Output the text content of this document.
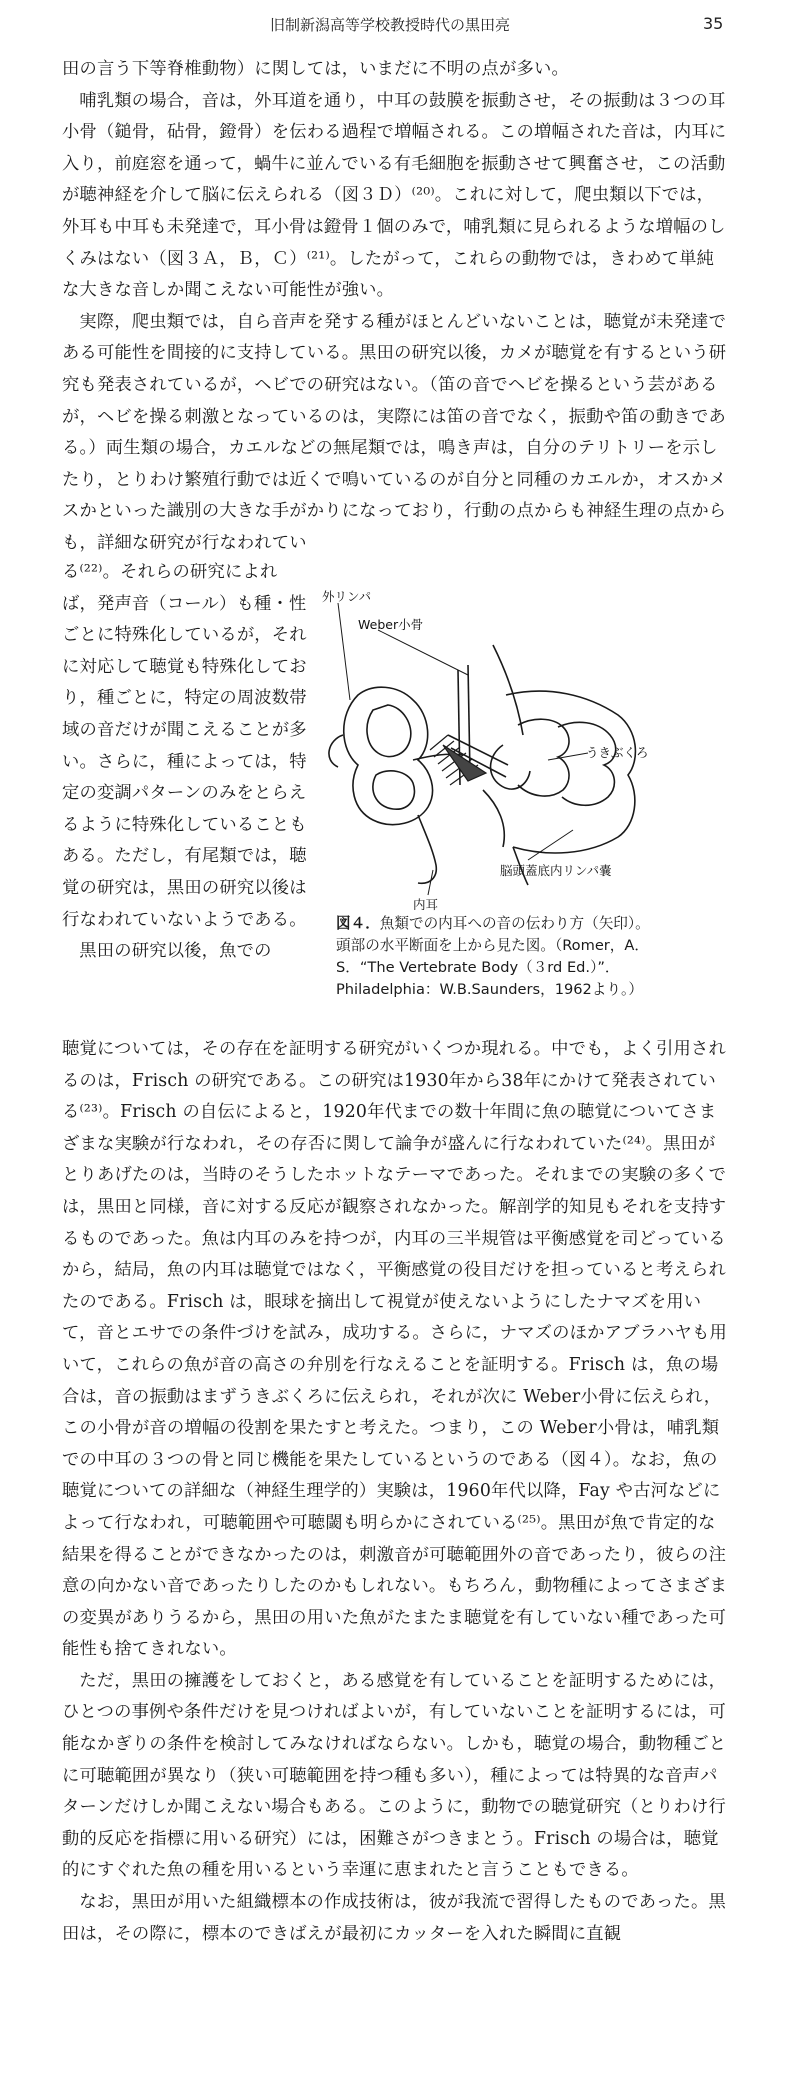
旧制新潟高等学校教授時代の黒田亮	35

田の言う下等脊椎動物）に関しては，いまだに不明の点が多い。

哺乳類の場合，音は，外耳道を通り，中耳の鼓膜を振動させ，その振動は３つの耳小骨（鎚骨，砧骨，鐙骨）を伝わる過程で増幅される。この増幅された音は，内耳に入り，前庭窓を通って，蝸牛に並んでいる有毛細胞を振動させて興奮させ，この活動が聴神経を介して脳に伝えられる（図３Ｄ）⁽²⁰⁾。これに対して，爬虫類以下では，外耳も中耳も未発達で，耳小骨は鐙骨１個のみで，哺乳類に見られるような増幅のしくみはない（図３Ａ，Ｂ，Ｃ）⁽²¹⁾。したがって，これらの動物では，きわめて単純な大きな音しか聞こえない可能性が強い。

実際，爬虫類では，自ら音声を発する種がほとんどいないことは，聴覚が未発達である可能性を間接的に支持している。黒田の研究以後，カメが聴覚を有するという研究も発表されているが，ヘビでの研究はない。（笛の音でヘビを操るという芸があるが，ヘビを操る刺激となっているのは，実際には笛の音でなく，振動や笛の動きである。）両生類の場合，カエルなどの無尾類では，鳴き声は，自分のテリトリーを示したり，とりわけ繁殖行動では近くで鳴いているのが自分と同種のカエルか，オスかメスかといった識別の大きな手がかりになっており，行動の点からも神経生理の点からも，詳細な研究が行なわれてい

る⁽²²⁾。それらの研究によれば，発声音（コール）も種・性ごとに特殊化しているが，それに対応して聴覚も特殊化しており，種ごとに，特定の周波数帯域の音だけが聞こえることが多い。さらに，種によっては，特定の変調パターンのみをとらえるように特殊化していることもある。ただし，有尾類では，聴覚の研究は，黒田の研究以後は行なわれていないようである。

黒田の研究以後，魚での

外リンパ
Weber小骨
うきぶくろ
脳頭蓋底内リンパ嚢
内耳
図４．魚類での内耳への音の伝わり方（矢印）。
頭部の水平断面を上から見た図。（Romer，A．
S．“The Vertebrate Body（３rd Ed.）”．
Philadelphia：W.B.Saunders，1962より。）

聴覚については，その存在を証明する研究がいくつか現れる。中でも，よく引用されるのは，Frisch の研究である。この研究は1930年から38年にかけて発表されている⁽²³⁾。Frisch の自伝によると，1920年代までの数十年間に魚の聴覚についてさまざまな実験が行なわれ，その存否に関して論争が盛んに行なわれていた⁽²⁴⁾。黒田がとりあげたのは，当時のそうしたホットなテーマであった。それまでの実験の多くでは，黒田と同様，音に対する反応が観察されなかった。解剖学的知見もそれを支持するものであった。魚は内耳のみを持つが，内耳の三半規管は平衡感覚を司どっているから，結局，魚の内耳は聴覚ではなく，平衡感覚の役目だけを担っていると考えられたのである。Frisch は，眼球を摘出して視覚が使えないようにしたナマズを用いて，音とエサでの条件づけを試み，成功する。さらに，ナマズのほかアブラハヤも用いて，これらの魚が音の高さの弁別を行なえることを証明する。Frisch は，魚の場合は，音の振動はまずうきぶくろに伝えられ，それが次に Weber小骨に伝えられ，この小骨が音の増幅の役割を果たすと考えた。つまり，この Weber小骨は，哺乳類での中耳の３つの骨と同じ機能を果たしているというのである（図４）。なお，魚の聴覚についての詳細な（神経生理学的）実験は，1960年代以降，Fay や古河などによって行なわれ，可聴範囲や可聴閾も明らかにされている⁽²⁵⁾。黒田が魚で肯定的な結果を得ることができなかったのは，刺激音が可聴範囲外の音であったり，彼らの注意の向かない音であったりしたのかもしれない。もちろん，動物種によってさまざまの変異がありうるから，黒田の用いた魚がたまたま聴覚を有していない種であった可能性も捨てきれない。

ただ，黒田の擁護をしておくと，ある感覚を有していることを証明するためには，ひとつの事例や条件だけを見つければよいが，有していないことを証明するには，可能なかぎりの条件を検討してみなければならない。しかも，聴覚の場合，動物種ごとに可聴範囲が異なり（狭い可聴範囲を持つ種も多い），種によっては特異的な音声パターンだけしか聞こえない場合もある。このように，動物での聴覚研究（とりわけ行動的反応を指標に用いる研究）には，困難さがつきまとう。Frisch の場合は，聴覚的にすぐれた魚の種を用いるという幸運に恵まれたと言うこともできる。

なお，黒田が用いた組織標本の作成技術は，彼が我流で習得したものであった。黒田は，その際に，標本のできばえが最初にカッターを入れた瞬間に直観
